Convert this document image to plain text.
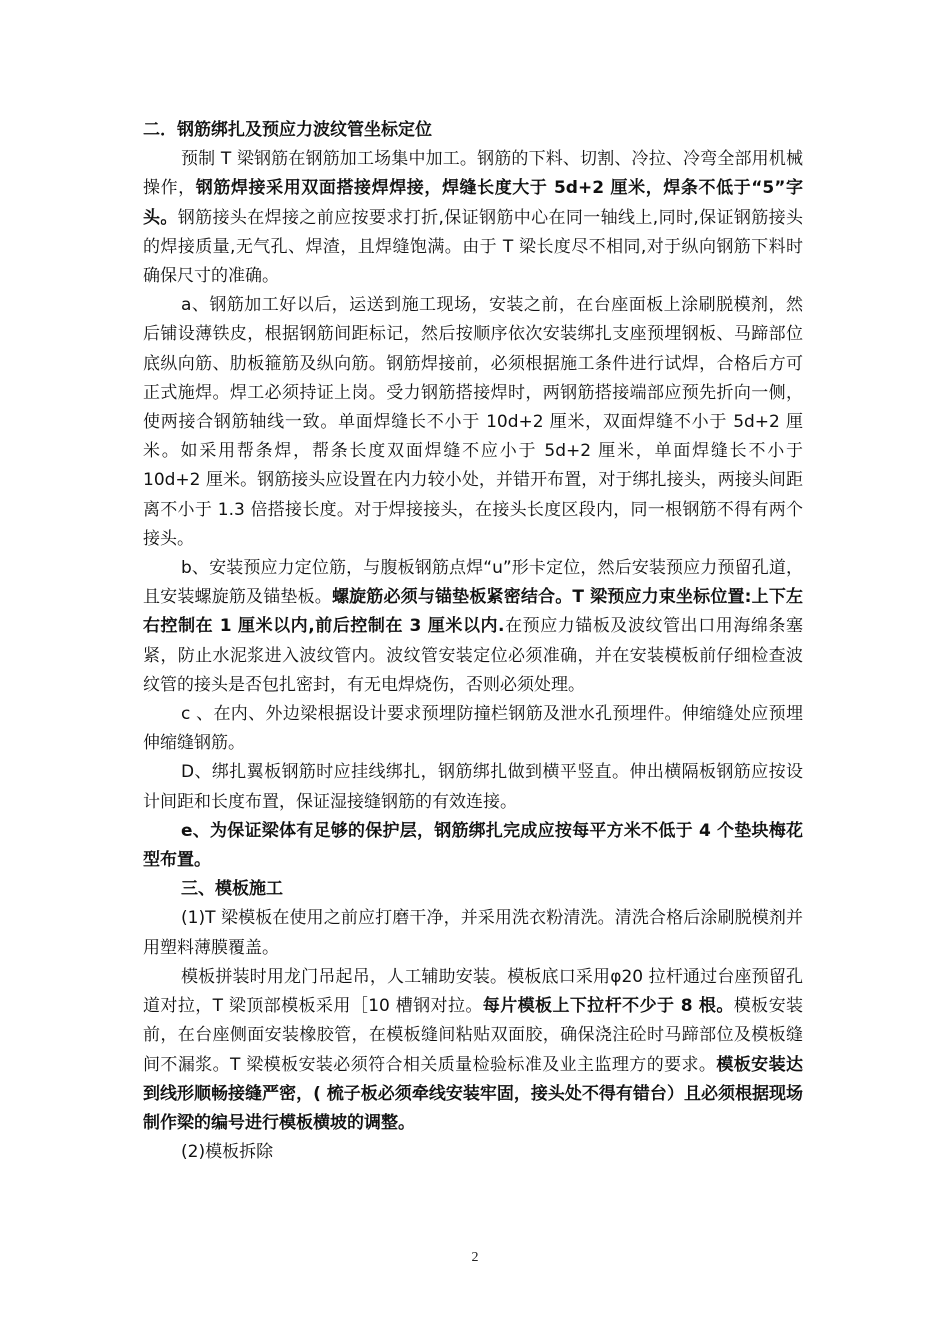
二．钢筋绑扎及预应力波纹管坐标定位

预制 T 梁钢筋在钢筋加工场集中加工。钢筋的下料、切割、冷拉、冷弯全部用机械操作，钢筋焊接采用双面搭接焊焊接，焊缝长度大于 5d+2 厘米，焊条不低于“5”字头。钢筋接头在焊接之前应按要求打折,保证钢筋中心在同一轴线上,同时,保证钢筋接头的焊接质量,无气孔、焊渣，且焊缝饱满。由于 T 梁长度尽不相同,对于纵向钢筋下料时确保尺寸的准确。

a、钢筋加工好以后，运送到施工现场，安装之前，在台座面板上涂刷脱模剂，然后铺设薄铁皮，根据钢筋间距标记，然后按顺序依次安装绑扎支座预埋钢板、马蹄部位底纵向筋、肋板箍筋及纵向筋。钢筋焊接前，必须根据施工条件进行试焊，合格后方可正式施焊。焊工必须持证上岗。受力钢筋搭接焊时，两钢筋搭接端部应预先折向一侧，使两接合钢筋轴线一致。单面焊缝长不小于 10d+2 厘米，双面焊缝不小于 5d+2 厘米。如采用帮条焊，帮条长度双面焊缝不应小于 5d+2 厘米，单面焊缝长不小于 10d+2 厘米。钢筋接头应设置在内力较小处，并错开布置，对于绑扎接头，两接头间距离不小于 1.3 倍搭接长度。对于焊接接头，在接头长度区段内，同一根钢筋不得有两个接头。

b、安装预应力定位筋，与腹板钢筋点焊“u”形卡定位，然后安装预应力预留孔道，且安装螺旋筋及锚垫板。螺旋筋必须与锚垫板紧密结合。T 梁预应力束坐标位置:上下左右控制在 1 厘米以内,前后控制在 3 厘米以内.在预应力锚板及波纹管出口用海绵条塞紧，防止水泥浆进入波纹管内。波纹管安装定位必须准确，并在安装模板前仔细检查波纹管的接头是否包扎密封，有无电焊烧伤，否则必须处理。

c 、在内、外边梁根据设计要求预埋防撞栏钢筋及泄水孔预埋件。伸缩缝处应预埋伸缩缝钢筋。

D、绑扎翼板钢筋时应挂线绑扎，钢筋绑扎做到横平竖直。伸出横隔板钢筋应按设计间距和长度布置，保证湿接缝钢筋的有效连接。

e、为保证梁体有足够的保护层，钢筋绑扎完成应按每平方米不低于 4 个垫块梅花型布置。

三、模板施工

(1)T 梁模板在使用之前应打磨干净，并采用洗衣粉清洗。清洗合格后涂刷脱模剂并用塑料薄膜覆盖。

模板拼装时用龙门吊起吊，人工辅助安装。模板底口采用φ20 拉杆通过台座预留孔道对拉，T 梁顶部模板采用［10 槽钢对拉。每片模板上下拉杆不少于 8 根。模板安装前，在台座侧面安装橡胶管，在模板缝间粘贴双面胶，确保浇注砼时马蹄部位及模板缝间不漏浆。T 梁模板安装必须符合相关质量检验标准及业主监理方的要求。模板安装达到线形顺畅接缝严密，( 梳子板必须牵线安装牢固，接头处不得有错台）且必须根据现场制作梁的编号进行模板横坡的调整。

(2)模板拆除

2
